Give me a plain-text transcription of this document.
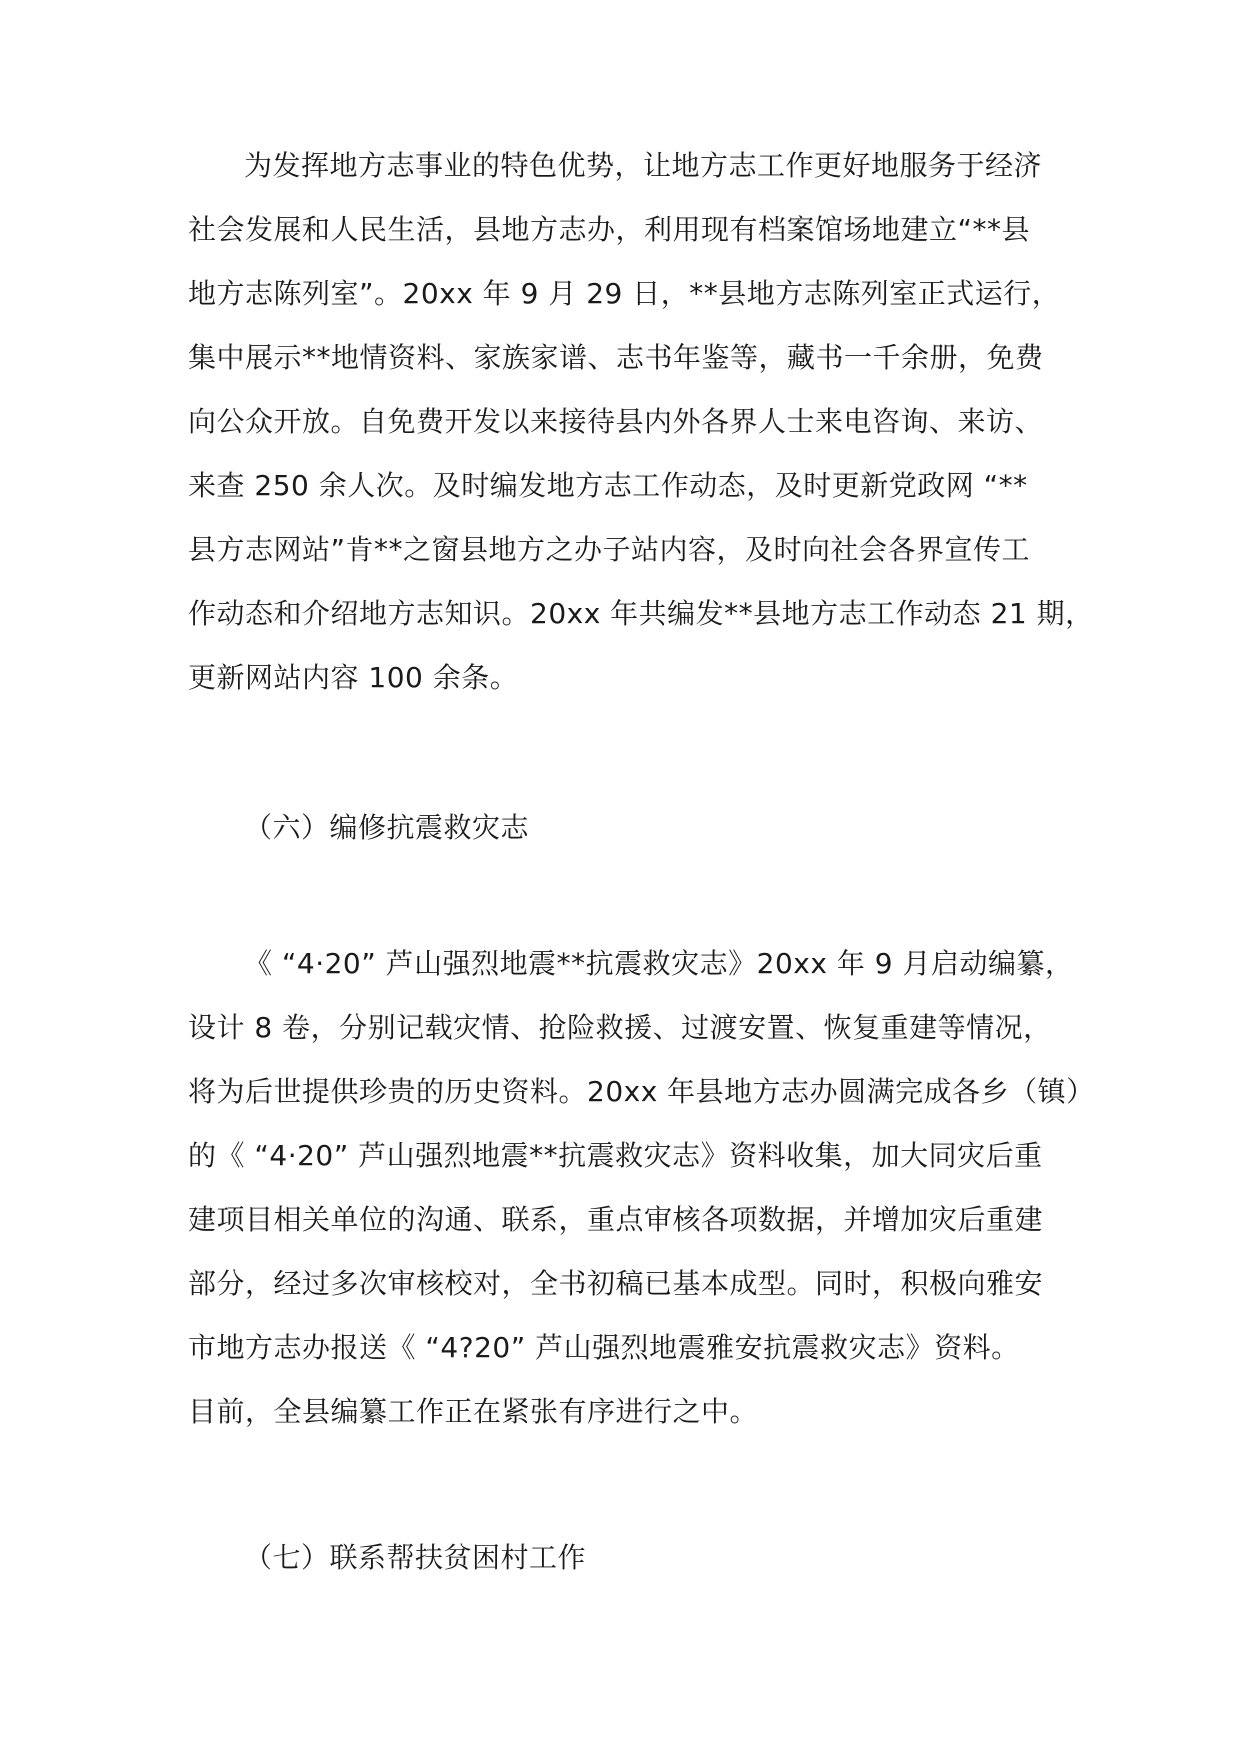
为发挥地方志事业的特色优势，让地方志工作更好地服务于经济
社会发展和人民生活，县地方志办，利用现有档案馆场地建立“**县
地方志陈列室”。20xx 年 9 月 29 日，**县地方志陈列室正式运行，
集中展示**地情资料、家族家谱、志书年鉴等，藏书一千余册，免费
向公众开放。自免费开发以来接待县内外各界人士来电咨询、来访、
来查 250 余人次。及时编发地方志工作动态，及时更新党政网 “**
县方志网站”肯**之窗县地方之办子站内容，及时向社会各界宣传工
作动态和介绍地方志知识。20xx 年共编发**县地方志工作动态 21 期，
更新网站内容 100 余条。
（六）编修抗震救灾志
《 “4·20” 芦山强烈地震**抗震救灾志》20xx 年 9 月启动编纂，
设计 8 卷，分别记载灾情、抢险救援、过渡安置、恢复重建等情况，
将为后世提供珍贵的历史资料。20xx 年县地方志办圆满完成各乡（镇）
的《 “4·20” 芦山强烈地震**抗震救灾志》资料收集，加大同灾后重
建项目相关单位的沟通、联系，重点审核各项数据，并增加灾后重建
部分，经过多次审核校对，全书初稿已基本成型。同时，积极向雅安
市地方志办报送《 “4?20” 芦山强烈地震雅安抗震救灾志》资料。
目前，全县编纂工作正在紧张有序进行之中。
（七）联系帮扶贫困村工作
